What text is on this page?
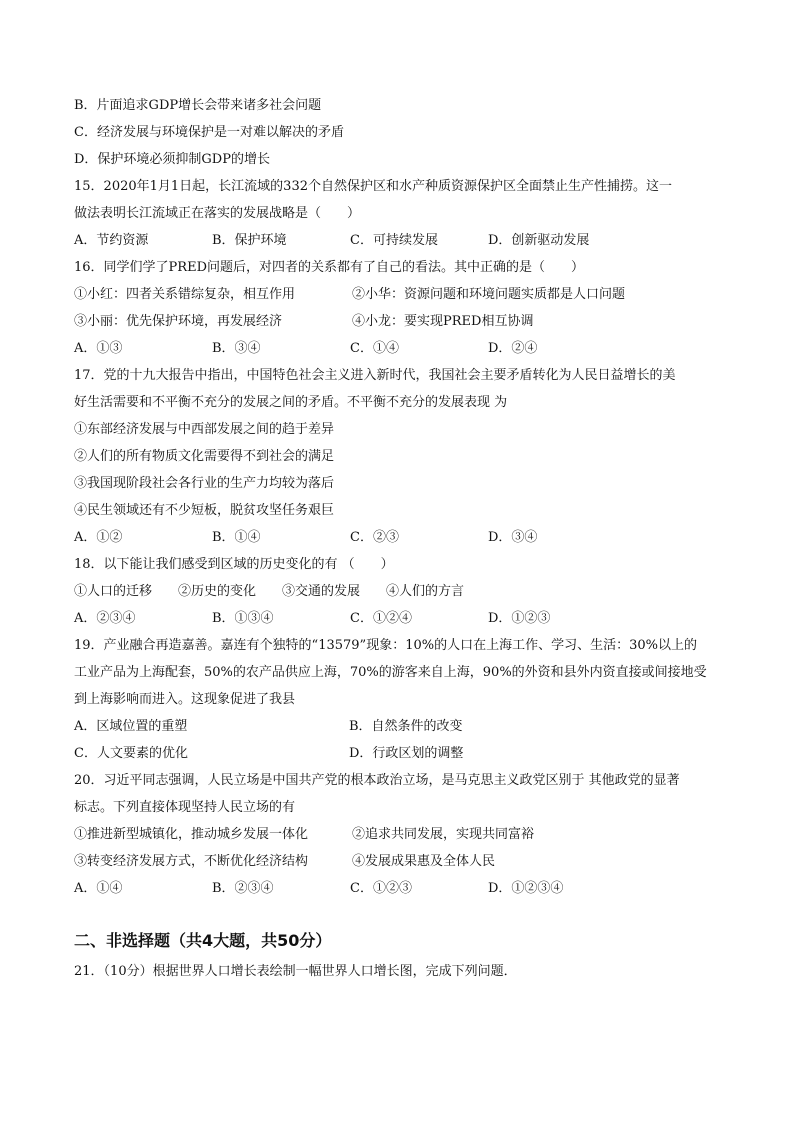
B．片面追求GDP增长会带来诸多社会问题
C．经济发展与环境保护是一对难以解决的矛盾
D．保护环境必须抑制GDP的增长
15．2020年1月1日起，长江流域的332个自然保护区和水产种质资源保护区全面禁止生产性捕捞。这一
做法表明长江流域正在落实的发展战略是（　　）
A．节约资源	B．保护环境	C．可持续发展	D．创新驱动发展
16．同学们学了PRED问题后，对四者的关系都有了自己的看法。其中正确的是（　　）
①小红：四者关系错综复杂，相互作用	②小华：资源问题和环境问题实质都是人口问题
③小丽：优先保护环境，再发展经济	④小龙：要实现PRED相互协调
A．①③	B．③④	C．①④	D．②④
17．党的十九大报告中指出，中国特色社会主义进入新时代，我国社会主要矛盾转化为人民日益增长的美
好生活需要和不平衡不充分的发展之间的矛盾。不平衡不充分的发展表现 为
①东部经济发展与中西部发展之间的趋于差异
②人们的所有物质文化需要得不到社会的满足
③我国现阶段社会各行业的生产力均较为落后
④民生领域还有不少短板，脱贫攻坚任务艰巨
A．①②	B．①④	C．②③	D．③④
18．以下能让我们感受到区域的历史变化的有 （　　）
①人口的迁移　　②历史的变化　　③交通的发展　　④人们的方言
A．②③④	B．①③④	C．①②④	D．①②③
19．产业融合再造嘉善。嘉连有个独特的“13579”现象：10%的人口在上海工作、学习、生活：30%以上的
工业产品为上海配套，50%的农产品供应上海，70%的游客来自上海，90%的外资和县外内资直接或间接地受
到上海影响而进入。这现象促进了我县
A．区域位置的重塑	B．自然条件的改变
C．人文要素的优化	D．行政区划的调整
20．习近平同志强调，人民立场是中国共产党的根本政治立场，是马克思主义政党区别于 其他政党的显著
标志。下列直接体现坚持人民立场的有
①推进新型城镇化，推动城乡发展一体化	②追求共同发展，实现共同富裕
③转变经济发展方式，不断优化经济结构	④发展成果惠及全体人民
A．①④	B．②③④	C．①②③	D．①②③④
二、非选择题（共4大题，共50分）
21．（10分）根据世界人口增长表绘制一幅世界人口增长图，完成下列问题．
